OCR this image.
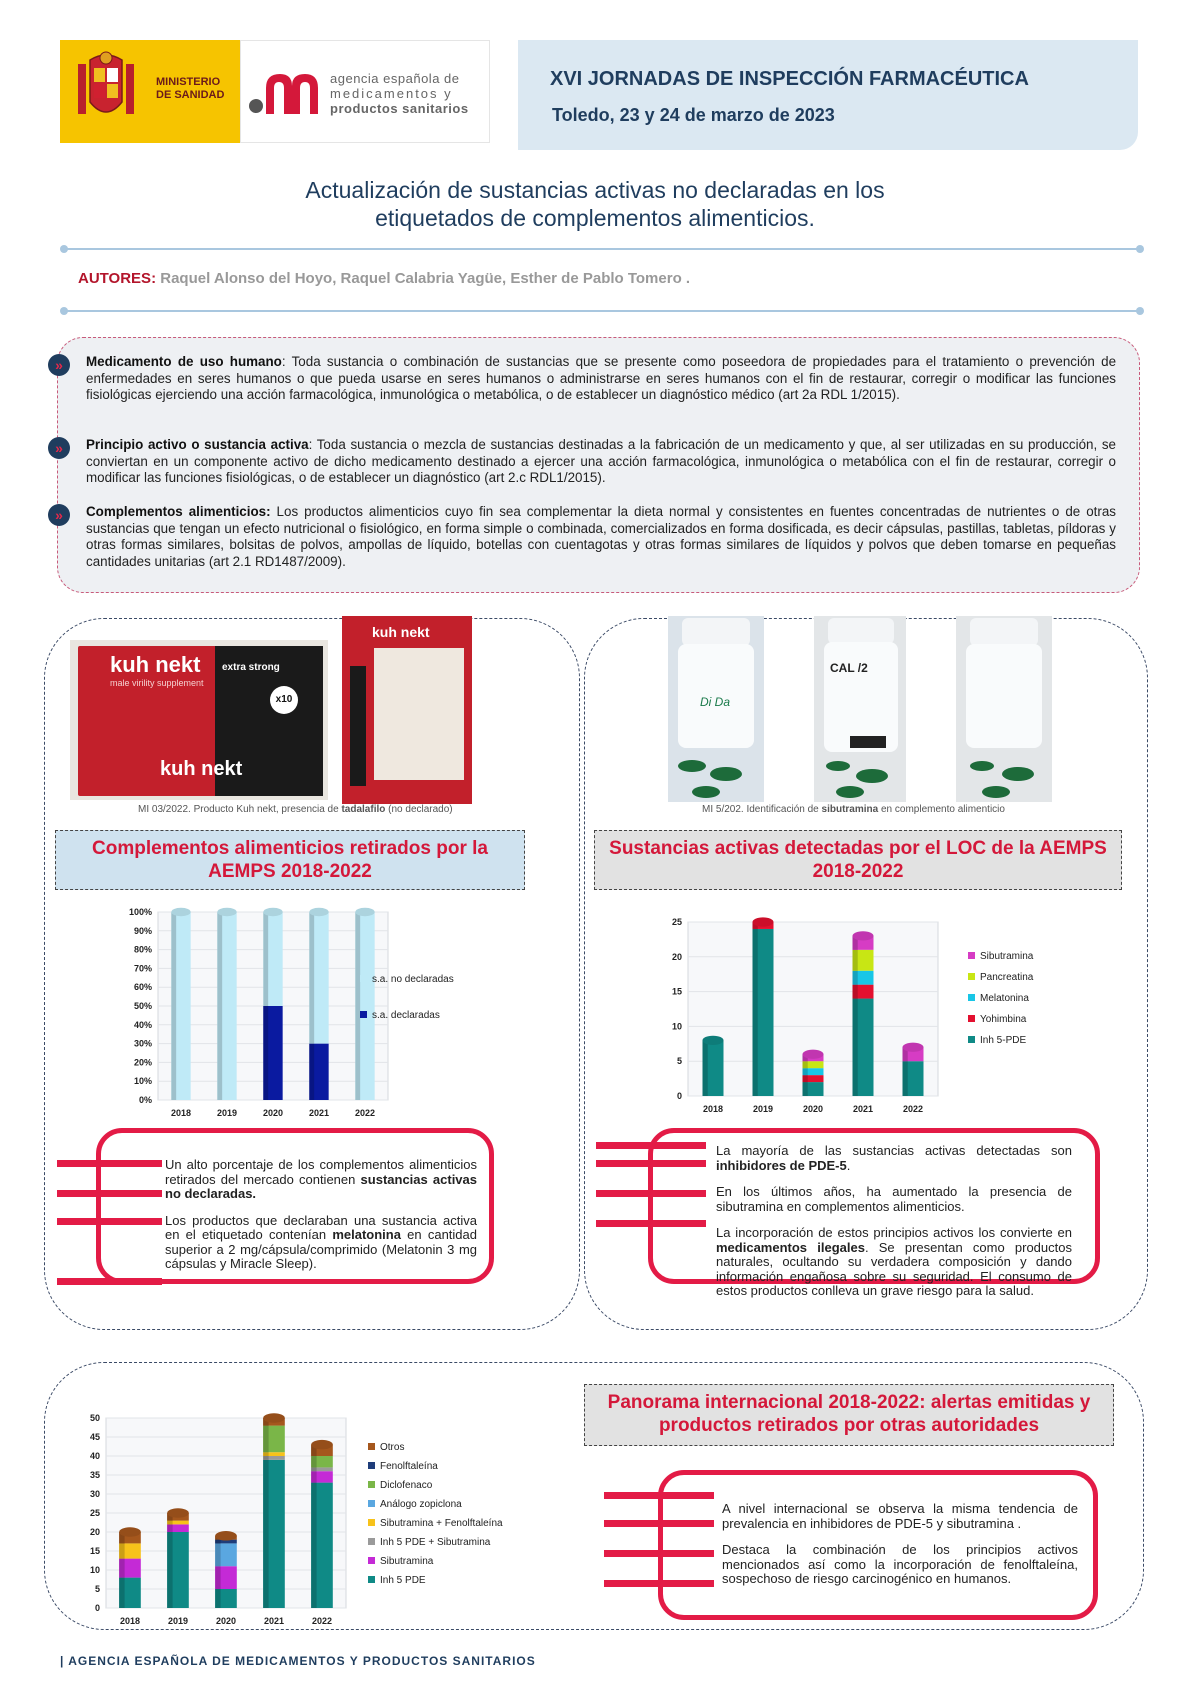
MINISTERIO
DE SANIDAD
agencia española de
medicamentos y
productos sanitarios
XVI JORNADAS DE INSPECCIÓN FARMACÉUTICA
Toledo, 23 y 24 de marzo de 2023
Actualización de sustancias activas no declaradas en los
etiquetados de complementos alimenticios.
AUTORES: Raquel Alonso del Hoyo, Raquel Calabria Yagüe, Esther de Pablo Tomero .
»	Medicamento de uso humano: Toda sustancia o combinación de sustancias que se presente como poseedora de propiedades para el tratamiento o prevención de enfermedades en seres humanos o que pueda usarse en seres humanos o administrarse en seres humanos con el fin de restaurar, corregir o modificar las funciones fisiológicas ejerciendo una acción farmacológica, inmunológica o metabólica, o de establecer un diagnóstico médico (art 2a RDL 1/2015).
»	Principio activo o sustancia activa: Toda sustancia o mezcla de sustancias destinadas a la fabricación de un medicamento y que, al ser utilizadas en su producción, se conviertan en un componente activo de dicho medicamento destinado a ejercer una acción farmacológica, inmunológica o metabólica con el fin de restaurar, corregir o modificar las funciones fisiológicas, o de establecer un diagnóstico (art 2.c RDL1/2015).
»	Complementos alimenticios: Los productos alimenticios cuyo fin sea complementar la dieta normal y consistentes en fuentes concentradas de nutrientes o de otras sustancias que tengan un efecto nutricional o fisiológico, en forma simple o combinada, comercializados en forma dosificada, es decir cápsulas, pastillas, tabletas, píldoras y otras formas similares, bolsitas de polvos, ampollas de líquido, botellas con cuentagotas y otras formas similares de líquidos y polvos que deben tomarse en pequeñas cantidades unitarias (art 2.1 RD1487/2009).
kuh nekt
male virility supplement
extra strong
x10
kuh nekt
kuh nekt
MI 03/2022. Producto Kuh nekt, presencia de tadalafilo (no declarado)
Complementos alimenticios retirados por la AEMPS 2018-2022
0%
10%
20%
30%
40%
50%
60%
70%
80%
90%
100%
2018	2019	2020	2021	2022
s.a. no declaradas
s.a. declaradas

Un alto porcentaje de los complementos alimenticios retirados del mercado contienen sustancias activas no declaradas.

Los productos que declaraban una sustancia activa en el etiquetado contenían melatonina en cantidad superior a 2 mg/cápsula/comprimido (Melatonin 3 mg cápsulas y Miracle Sleep).

Di Da
CAL /2
MI 5/202. Identificación de sibutramina en complemento alimenticio
Sustancias activas detectadas por el LOC de la AEMPS 2018-2022
0
5
10
15
20
25
2018	2019	2020	2021	2022
Sibutramina
Pancreatina
Melatonina
Yohimbina
Inh 5-PDE

La mayoría de las sustancias activas detectadas son inhibidores de PDE-5.

En los últimos años, ha aumentado la presencia de sibutramina en complementos alimenticios.

La incorporación de estos principios activos los convierte en medicamentos ilegales. Se presentan como productos naturales, ocultando su verdadera composición y dando información engañosa sobre su seguridad. El consumo de estos productos conlleva un grave riesgo para la salud.

0
5
10
15
20
25
30
35
40
45
50
2018	2019	2020	2021	2022
Otros
Fenolftaleína
Diclofenaco
Análogo zopiclona
Sibutramina + Fenolftaleína
Inh 5 PDE + Sibutramina
Sibutramina
Inh 5 PDE
Panorama internacional 2018-2022: alertas emitidas y productos retirados por otras autoridades

A nivel internacional se observa la misma tendencia de prevalencia en inhibidores de PDE-5 y sibutramina .

Destaca la combinación de los principios activos mencionados así como la incorporación de fenolftaleína, sospechoso de riesgo carcinogénico en humanos.

| AGENCIA ESPAÑOLA DE MEDICAMENTOS Y PRODUCTOS SANITARIOS
